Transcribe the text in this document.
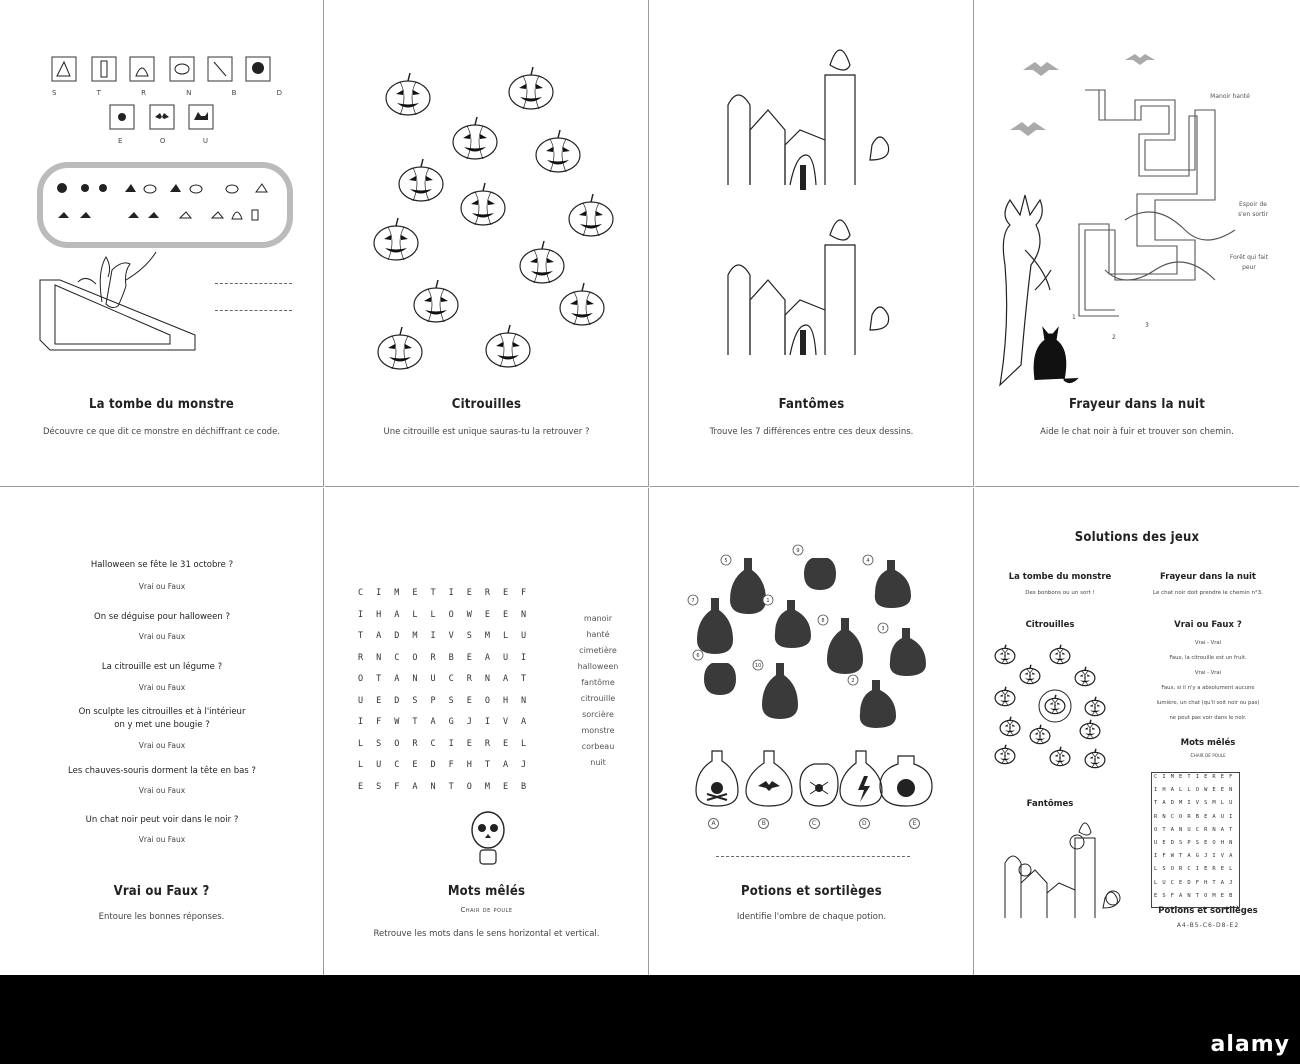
S	T	R	N	B	D
E	O	U
La tombe du monstre
Découvre ce que dit ce monstre en déchiffrant ce code.
Citrouilles
Une citrouille est unique sauras-tu la retrouver ?
Fantômes
Trouve les 7 différences entre ces deux dessins.
Manoir hanté
Espoir de s'en sortir
Forêt qui fait peur
1
2
3
Frayeur dans la nuit
Aide le chat noir à fuir et trouver son chemin.
Halloween se fête le 31 octobre ?
Vrai ou Faux
On se déguise pour halloween ?
Vrai ou Faux
La citrouille est un légume ?
Vrai ou Faux
On sculpte les citrouilles et à l'intérieur
on y met une bougie ?
Vrai ou Faux
Les chauves-souris dorment la tête en bas ?
Vrai ou Faux
Un chat noir peut voir dans le noir ?
Vrai ou Faux
Vrai ou Faux ?
Entoure les bonnes réponses.
CIMETIEREF
IHALLOWEEN
TADMIVSMLU
RNCORBEAUI
OTANUCRNAT
UEDSPSEOHN
IFWTAGJIVA
LSORCIEREL
LUCEDFHTAJ
ESFANTOMEB
manoir
hanté
cimetière
halloween
fantôme
citrouille
sorcière
monstre
corbeau
nuit
Mots mêlés
Chair de poule
Retrouve les mots dans le sens horizontal et vertical.
5
9
4
7	1
8
3
6
10
2
A	B	C	D	E
Potions et sortilèges
Identifie l'ombre de chaque potion.
Solutions des jeux
La tombe du monstre
Des bonbons ou un sort !
Frayeur dans la nuit
Le chat noir doit prendre le chemin n°3.
Citrouilles	Vrai ou Faux ?
Vrai - Vrai
Faux, la citrouille est un fruit.
Vrai - Vrai
Faux, si il n'y a absolument aucune
lumière, un chat (qu'il soit noir ou pas)
ne peut pas voir dans le noir.
Mots mêlés
Chair de poule
CIMETIEREF
IHALLOWEEN
TADMIVSMLU
RNCORBEAUI
OTANUCRNAT
UEDSPSEOHN
IFWTAGJIVA
LSORCIEREL
LUCEDFHTAJ
ESFANTOMEB
Fantômes
Potions et sortilèges
A4-B5-C6-D8-E2
alamy
